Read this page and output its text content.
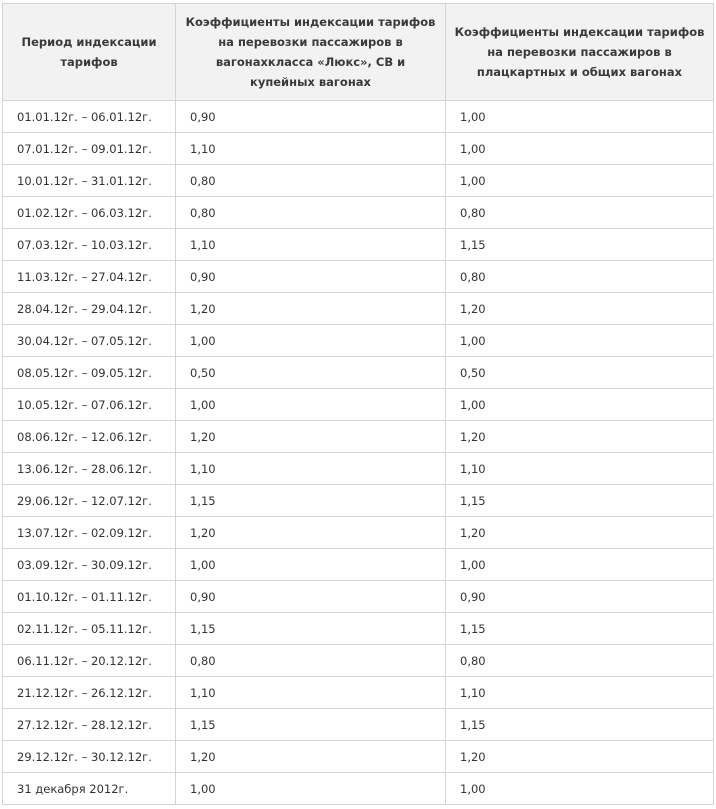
Период индексации тарифов	Коэффициенты индексации тарифов на перевозки пассажиров в вагонахкласса «Люкс», СВ и купейных вагонах	Коэффициенты индексации тарифов на перевозки пассажиров в плацкартных и общих вагонах
01.01.12г. – 06.01.12г.	0,90	1,00
07.01.12г. – 09.01.12г.	1,10	1,00
10.01.12г. – 31.01.12г.	0,80	1,00
01.02.12г. – 06.03.12г.	0,80	0,80
07.03.12г. – 10.03.12г.	1,10	1,15
11.03.12г. – 27.04.12г.	0,90	0,80
28.04.12г. – 29.04.12г.	1,20	1,20
30.04.12г. – 07.05.12г.	1,00	1,00
08.05.12г. – 09.05.12г.	0,50	0,50
10.05.12г. – 07.06.12г.	1,00	1,00
08.06.12г. – 12.06.12г.	1,20	1,20
13.06.12г. – 28.06.12г.	1,10	1,10
29.06.12г. – 12.07.12г.	1,15	1,15
13.07.12г. – 02.09.12г.	1,20	1,20
03.09.12г. – 30.09.12г.	1,00	1,00
01.10.12г. – 01.11.12г.	0,90	0,90
02.11.12г. – 05.11.12г.	1,15	1,15
06.11.12г. – 20.12.12г.	0,80	0,80
21.12.12г. – 26.12.12г.	1,10	1,10
27.12.12г. – 28.12.12г.	1,15	1,15
29.12.12г. – 30.12.12г.	1,20	1,20
31 декабря 2012г.	1,00	1,00
